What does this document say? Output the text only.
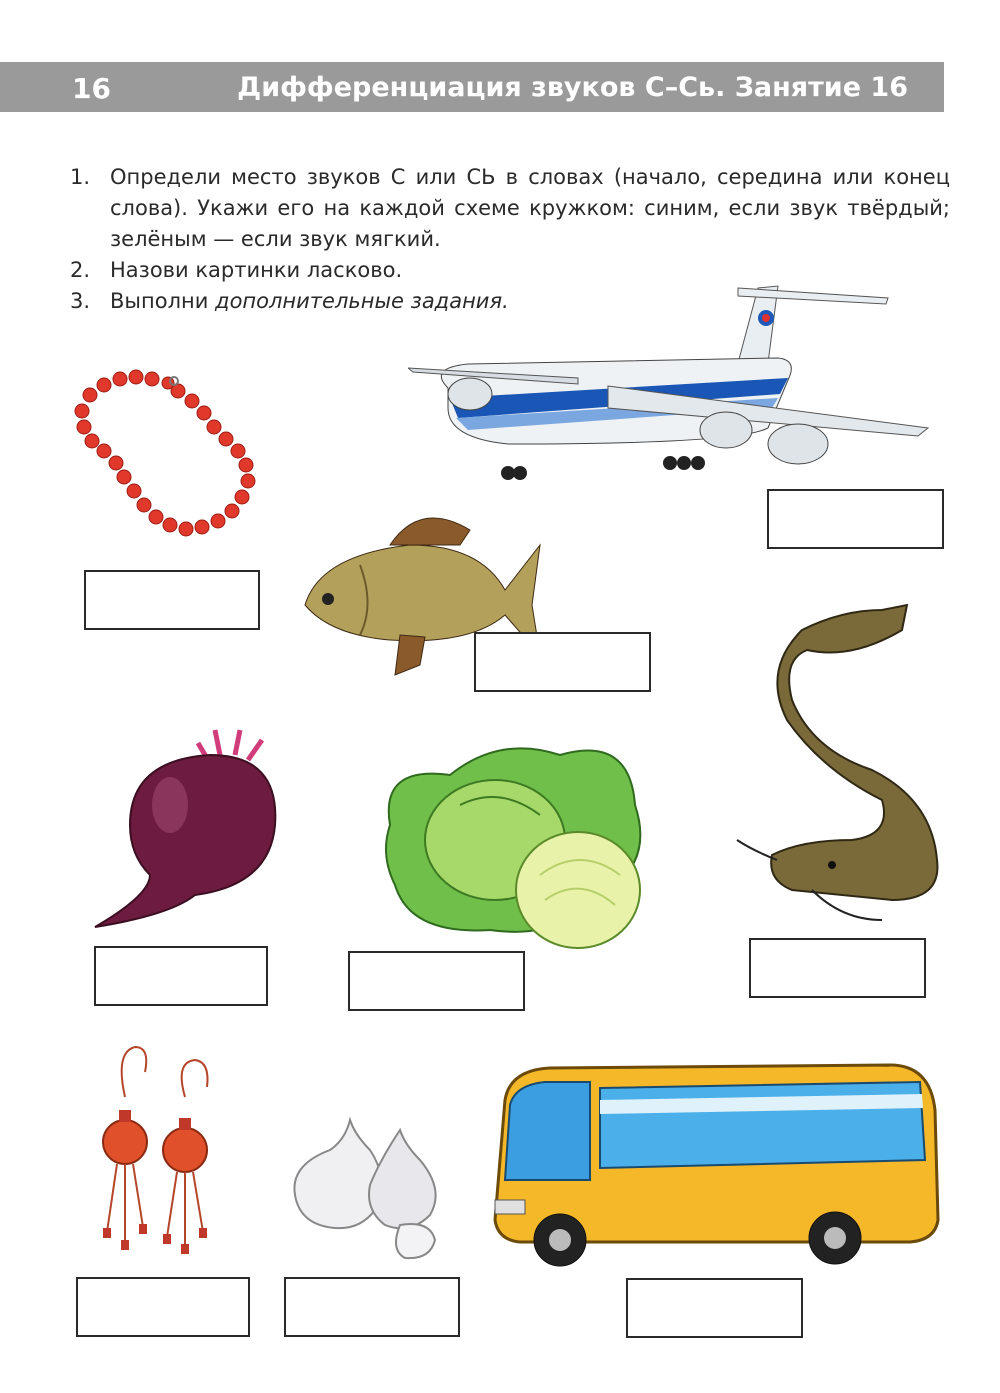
16	Дифференциация звуков С–Сь. Занятие 16
1. Определи место звуков С или СЬ в словах (начало, середина или конец слова). Укажи его на каждой схеме кружком: синим, если звук твёрдый; зелёным — если звук мягкий.
2. Назови картинки ласково.
3. Выполни дополнительные задания.
